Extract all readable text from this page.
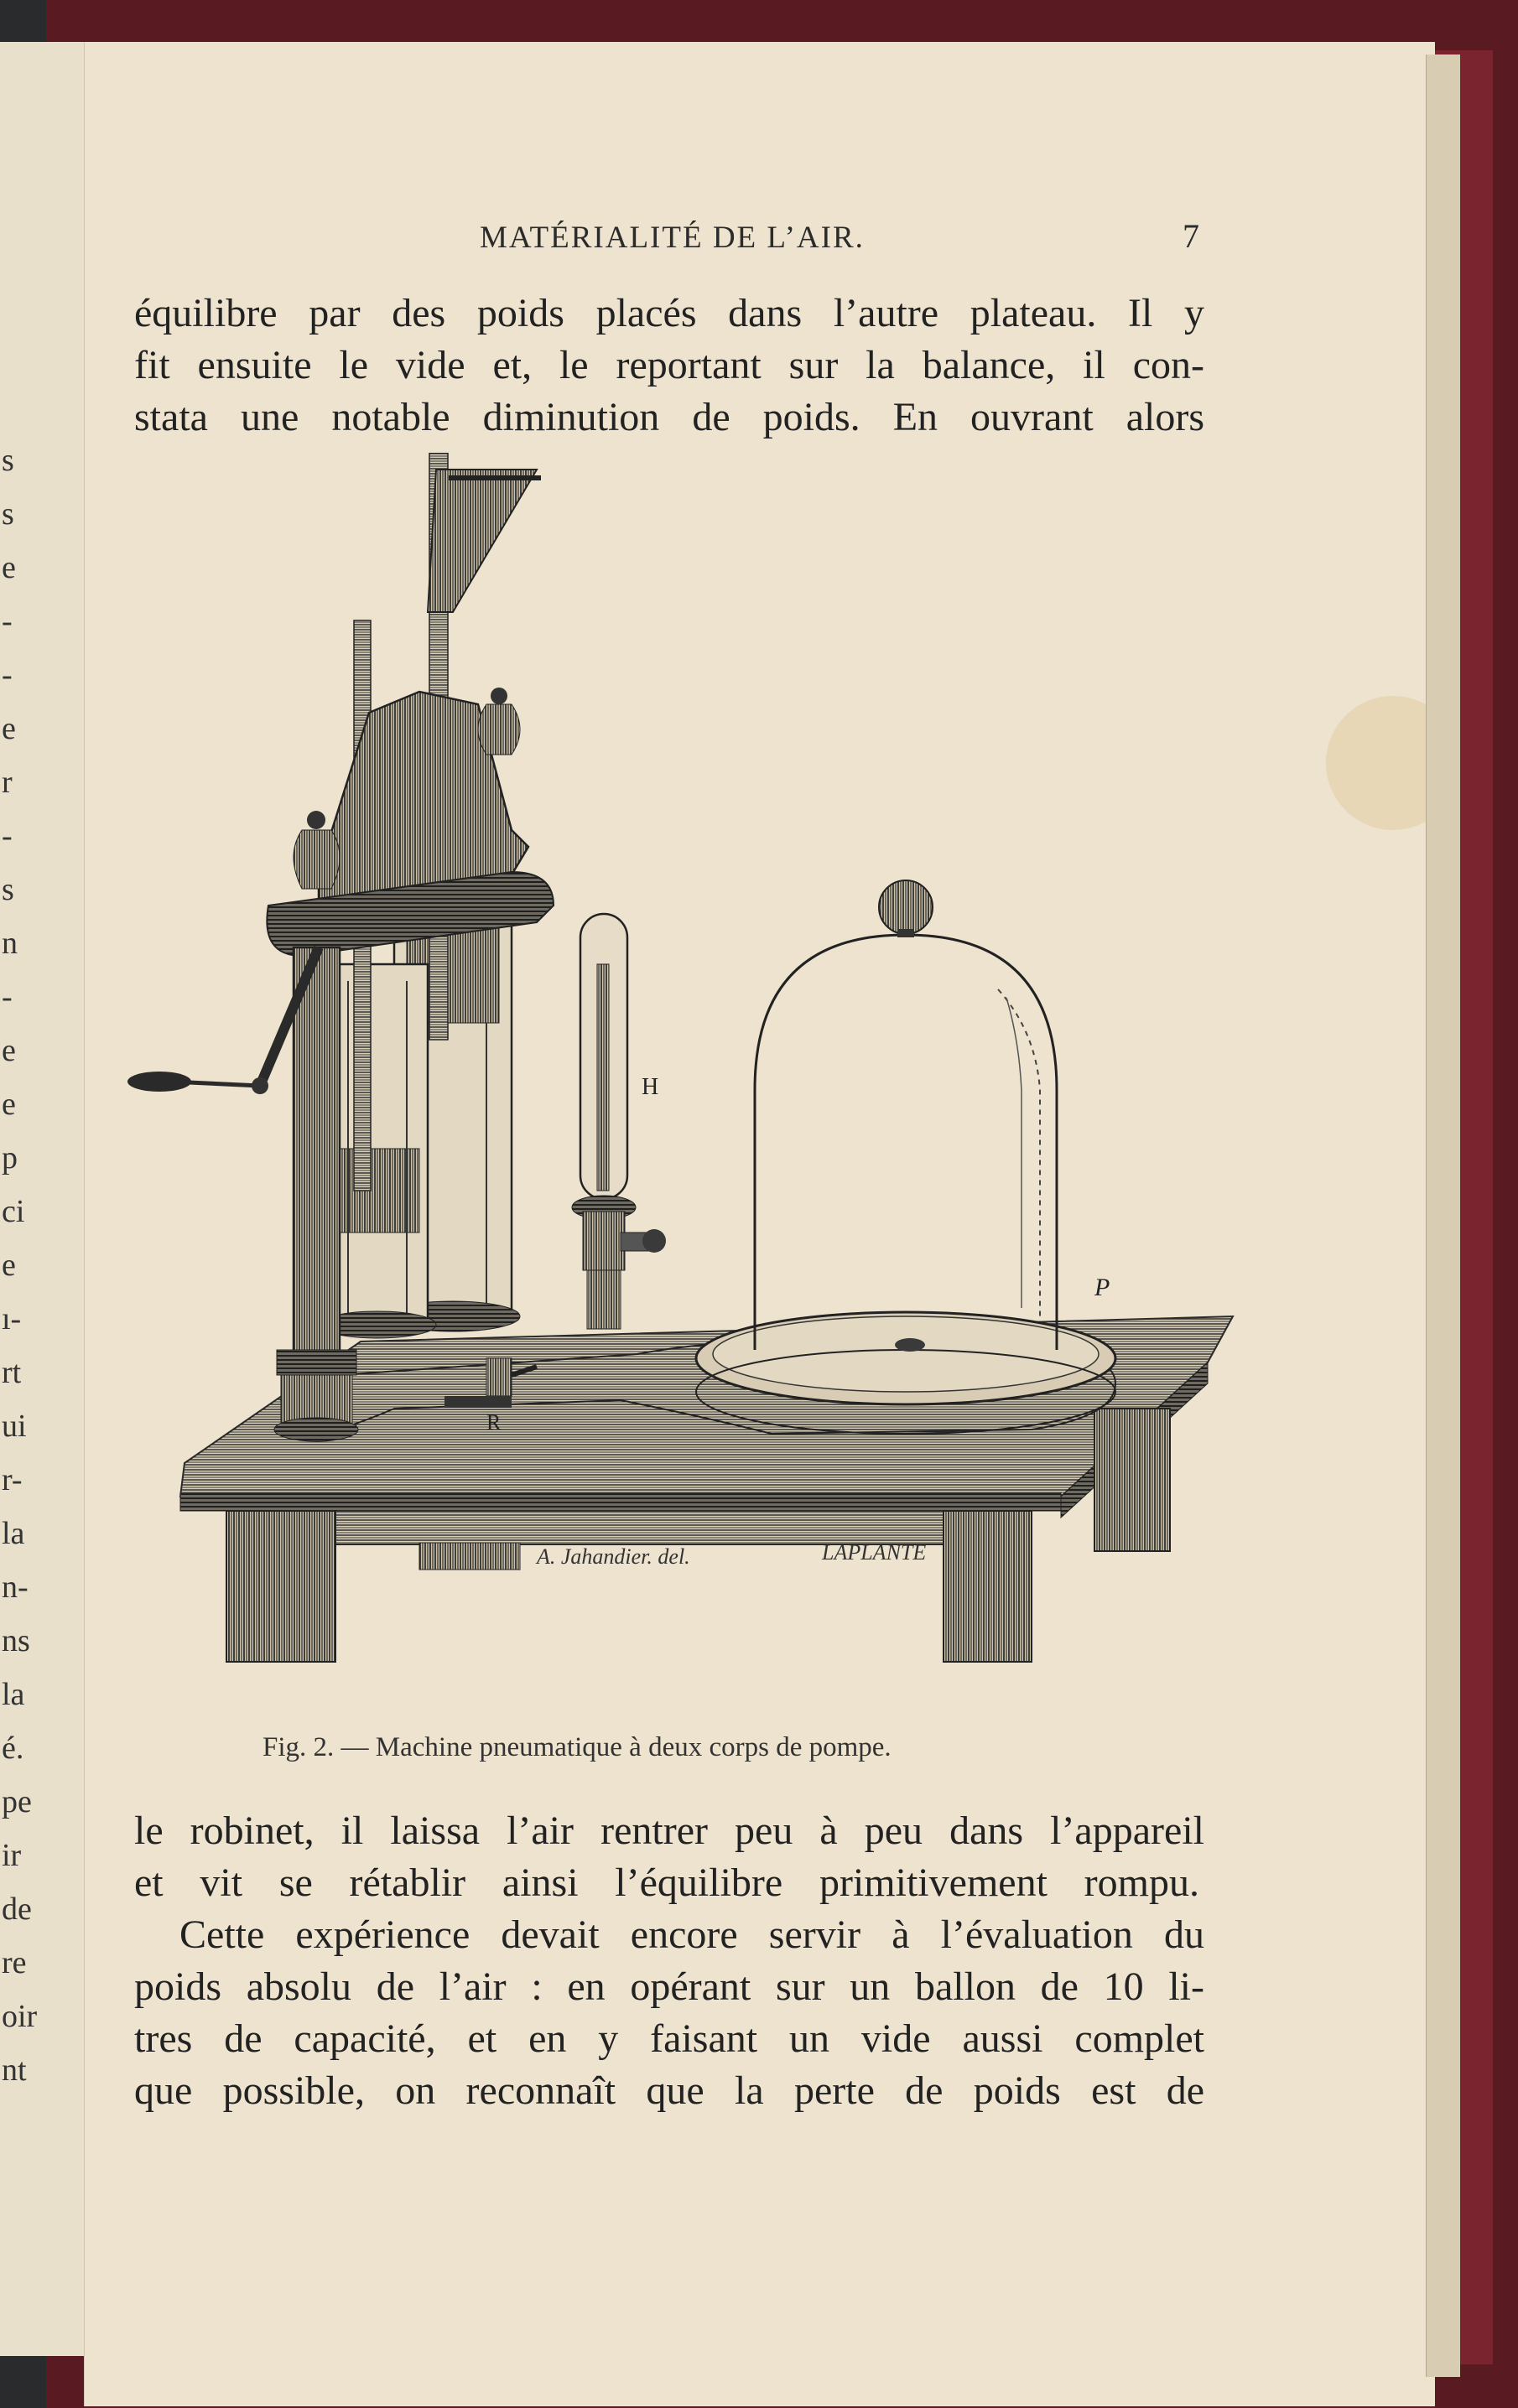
s
s
e
-
-
e
r
-
s
n
-
e
e
p
ci
e
ı-
rt
ui
r-
la
n-
ns
la
é.
pe
ir
de
re
oir
nt
MATÉRIALITÉ DE L’AIR.	7
équilibre par des poids placés dans l’autre plateau. Il y
fit ensuite le vide et, le reportant sur la balance, il con-
stata une notable diminution de poids. En ouvrant alors
H
P
R
A. Jahandier. del.	LAPLANTE
Fig. 2. — Machine pneumatique à deux corps de pompe.
le robinet, il laissa l’air rentrer peu à peu dans l’appareil
et vit se rétablir ainsi l’équilibre primitivement rompu.
Cette expérience devait encore servir à l’évaluation du
poids absolu de l’air : en opérant sur un ballon de 10 li-
tres de capacité, et en y faisant un vide aussi complet
que possible, on reconnaît que la perte de poids est de
